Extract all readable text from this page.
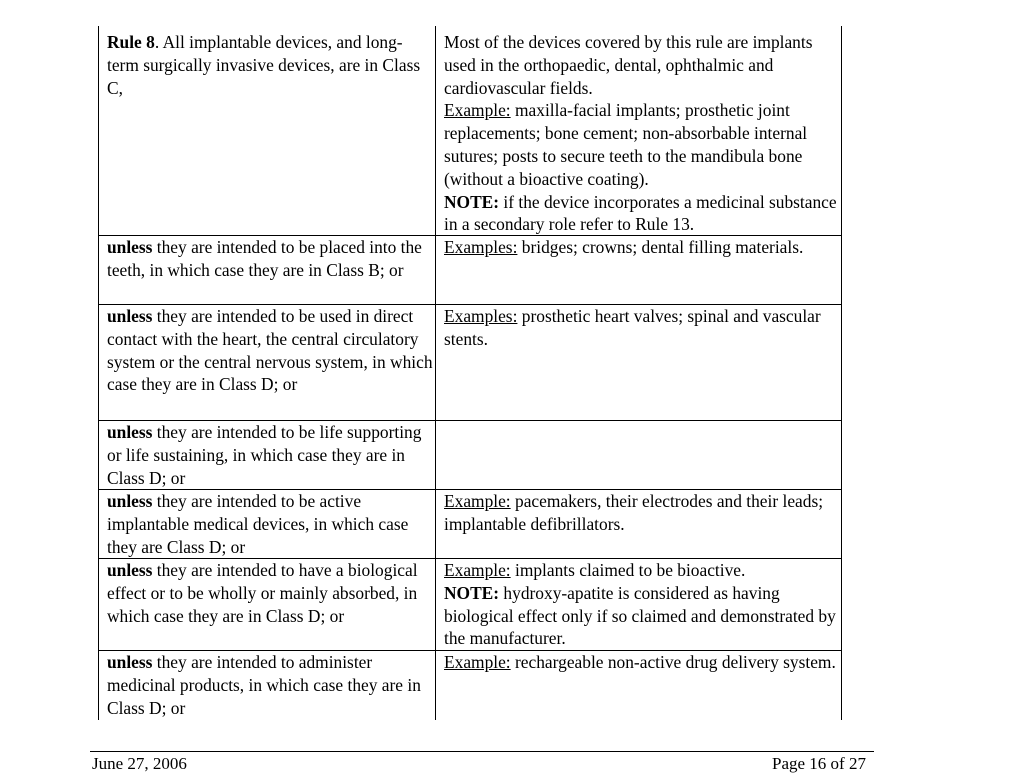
Rule 8. All implantable devices, and long-term surgically invasive devices, are in Class C,
Most of the devices covered by this rule are implants used in the orthopaedic, dental, ophthalmic and cardiovascular fields.
Example: maxilla-facial implants; prosthetic joint replacements; bone cement; non-absorbable internal sutures; posts to secure teeth to the mandibula bone (without a bioactive coating).
NOTE: if the device incorporates a medicinal substance in a secondary role refer to Rule 13.
unless they are intended to be placed into the teeth, in which case they are in Class B; or
Examples: bridges; crowns; dental filling materials.
unless they are intended to be used in direct contact with the heart, the central circulatory system or the central nervous system, in which case they are in Class D; or
Examples: prosthetic heart valves; spinal and vascular stents.
unless they are intended to be life supporting or life sustaining, in which case they are in Class D; or
unless they are intended to be active implantable medical devices, in which case they are Class D; or
Example: pacemakers, their electrodes and their leads; implantable defibrillators.
unless they are intended to have a biological effect or to be wholly or mainly absorbed, in which case they are in Class D; or
Example: implants claimed to be bioactive.
NOTE: hydroxy-apatite is considered as having biological effect only if so claimed and demonstrated by the manufacturer.
unless they are intended to administer medicinal products, in which case they are in Class D; or
Example: rechargeable non-active drug delivery system.
June 27, 2006	Page 16 of 27
